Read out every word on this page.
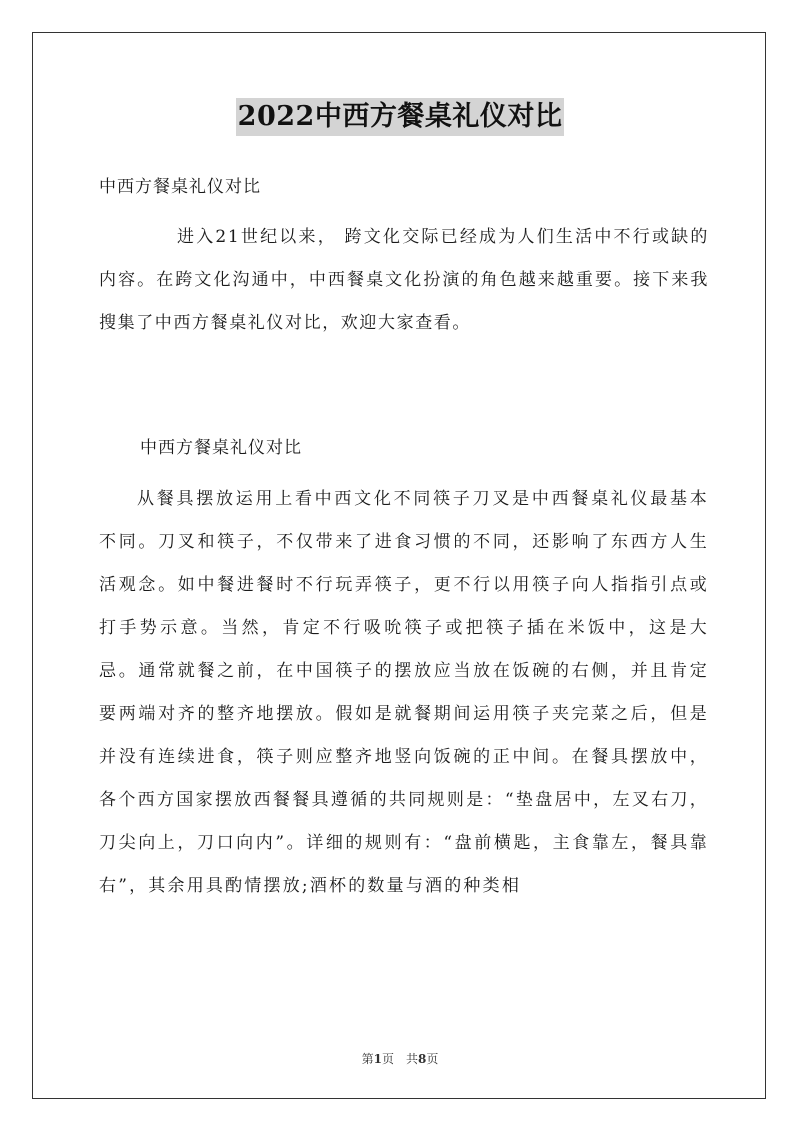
2022中西方餐桌礼仪对比
中西方餐桌礼仪对比

进入21世纪以来， 跨文化交际已经成为人们生活中不行或缺的内容。在跨文化沟通中，中西餐桌文化扮演的角色越来越重要。接下来我搜集了中西方餐桌礼仪对比，欢迎大家查看。

中西方餐桌礼仪对比

从餐具摆放运用上看中西文化不同筷子刀叉是中西餐桌礼仪最基本不同。刀叉和筷子，不仅带来了进食习惯的不同，还影响了东西方人生活观念。如中餐进餐时不行玩弄筷子，更不行以用筷子向人指指引点或打手势示意。当然，肯定不行吸吮筷子或把筷子插在米饭中，这是大忌。通常就餐之前，在中国筷子的摆放应当放在饭碗的右侧，并且肯定要两端对齐的整齐地摆放。假如是就餐期间运用筷子夹完菜之后，但是并没有连续进食，筷子则应整齐地竖向饭碗的正中间。在餐具摆放中，各个西方国家摆放西餐餐具遵循的共同规则是：“垫盘居中，左叉右刀，刀尖向上，刀口向内”。详细的规则有：“盘前横匙，主食靠左，餐具靠右”，其余用具酌情摆放;酒杯的数量与酒的种类相

第1页　共8页
